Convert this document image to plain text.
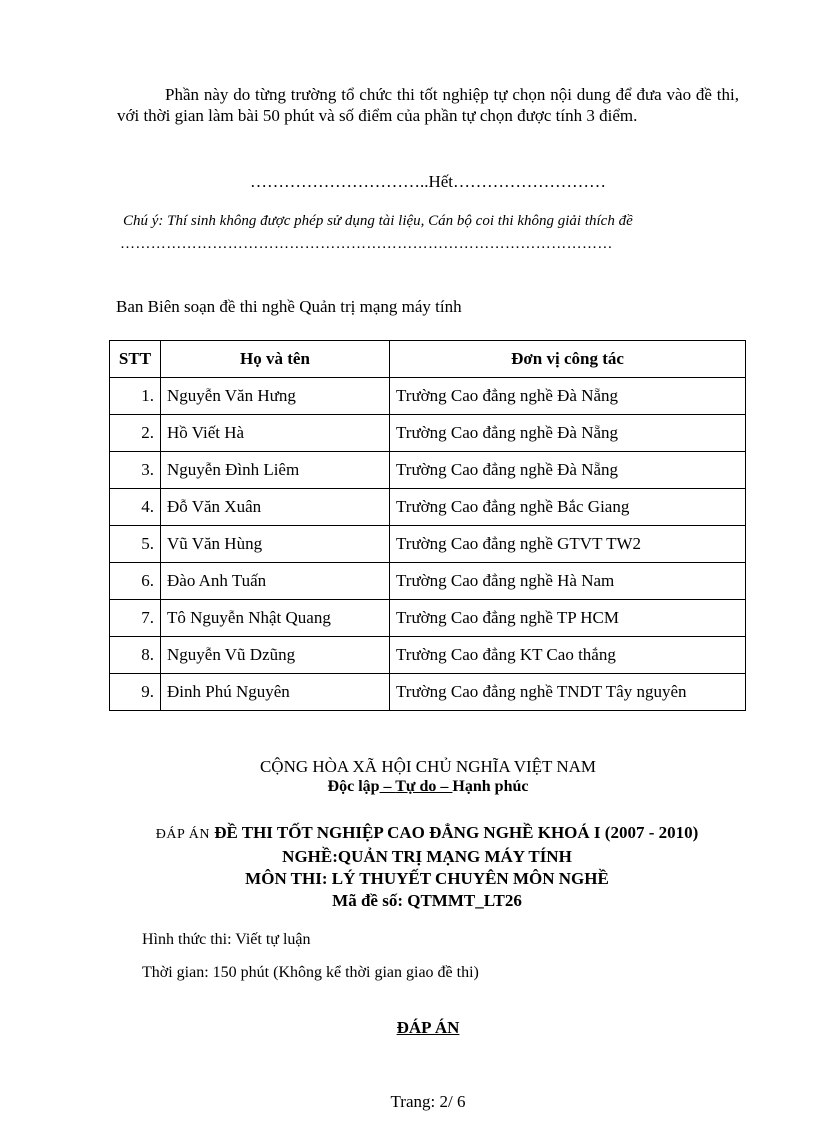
Phần này do từng trường tổ chức thi tốt nghiệp tự chọn nội dung để đưa vào đề thi, với thời gian làm bài 50 phút và số điểm của phần tự chọn được tính 3 điểm.

…………………………..Hết………………………

Chú ý: Thí sinh không được phép sử dụng tài liệu, Cán bộ coi thi không giải thích đề

……………………………………………………………………………………

Ban Biên soạn đề thi nghề Quản trị mạng máy tính

STT	Họ và tên	Đơn vị công tác
1.	Nguyễn Văn Hưng	Trường Cao đẳng nghề Đà Nẵng
2.	Hồ Viết Hà	Trường Cao đẳng nghề Đà Nẵng
3.	Nguyễn Đình Liêm	Trường Cao đẳng nghề Đà Nẵng
4.	Đỗ Văn Xuân	Trường Cao đẳng nghề Bắc Giang
5.	Vũ Văn Hùng	Trường Cao đẳng nghề GTVT TW2
6.	Đào Anh Tuấn	Trường Cao đẳng nghề Hà Nam
7.	Tô Nguyễn Nhật Quang	Trường Cao đẳng nghề TP HCM
8.	Nguyễn Vũ Dzũng	Trường Cao đẳng KT Cao thắng
9.	Đinh Phú Nguyên	Trường Cao đẳng nghề TNDT Tây nguyên

CỘNG HÒA XÃ HỘI CHỦ NGHĨA VIỆT NAM

Độc lập – Tự do – Hạnh phúc

ĐÁP ÁN ĐỀ THI TỐT NGHIỆP CAO ĐẲNG NGHỀ KHOÁ I (2007 - 2010)
NGHỀ:QUẢN TRỊ MẠNG MÁY TÍNH
MÔN THI: LÝ THUYẾT CHUYÊN MÔN NGHỀ
Mã đề số: QTMMT_LT26

Hình thức thi: Viết tự luận

Thời gian: 150 phút (Không kể thời gian giao đề thi)

ĐÁP ÁN

Trang: 2/ 6
